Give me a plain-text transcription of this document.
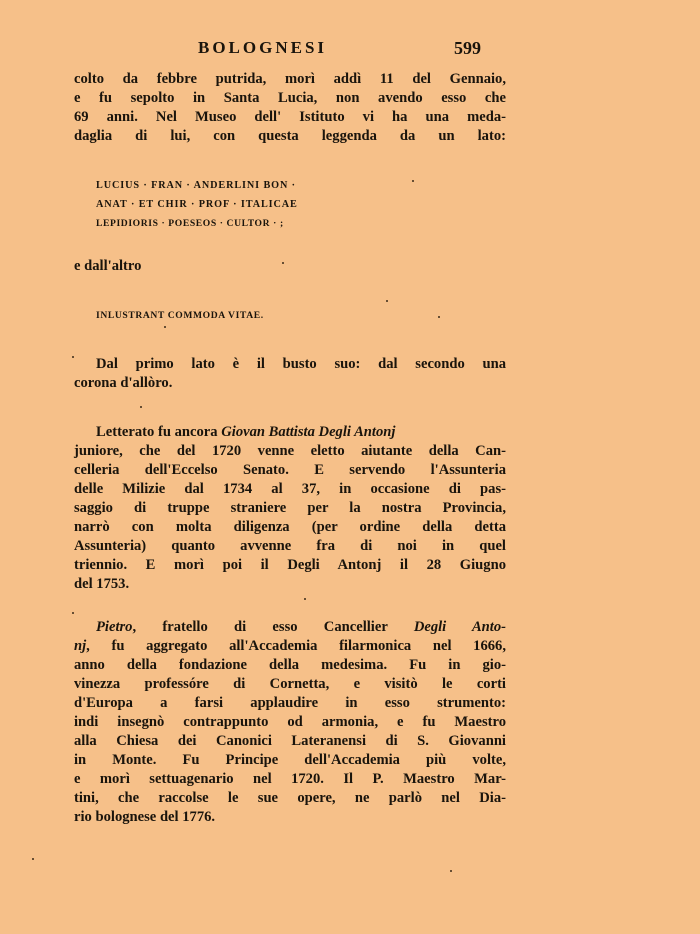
BOLOGNESI	599
colto da febbre putrida, morì addì 11 del Gennaio,
e fu sepolto in Santa Lucia, non avendo esso che
69 anni. Nel Museo dell' Istituto vi ha una meda-
daglia di lui, con questa leggenda da un lato:
LUCIUS · FRAN · ANDERLINI BON ·
ANAT · ET CHIR · PROF · ITALICAE
LEPIDIORIS · POESEOS · CULTOR · ;
e dall'altro
INLUSTRANT COMMODA VITAE.
Dal primo lato è il busto suo: dal secondo una
corona d'allòro.
Letterato fu ancora Giovan Battista Degli Antonj
juniore, che del 1720 venne eletto aiutante della Can-
celleria dell'Eccelso Senato. E servendo l'Assunteria
delle Milizie dal 1734 al 37, in occasione di pas-
saggio di truppe straniere per la nostra Provincia,
narrò con molta diligenza (per ordine della detta
Assunteria) quanto avvenne fra di noi in quel
triennio. E morì poi il Degli Antonj il 28 Giugno
del 1753.
Pietro, fratello di esso Cancellier Degli Anto-
nj, fu aggregato all'Accademia filarmonica nel 1666,
anno della fondazione della medesima. Fu in gio-
vinezza professóre di Cornetta, e visitò le corti
d'Europa a farsi applaudire in esso strumento:
indi insegnò contrappunto od armonia, e fu Maestro
alla Chiesa dei Canonici Lateranensi di S. Giovanni
in Monte. Fu Principe dell'Accademia più volte,
e morì settuagenario nel 1720. Il P. Maestro Mar-
tini, che raccolse le sue opere, ne parlò nel Dia-
rio bolognese del 1776.
